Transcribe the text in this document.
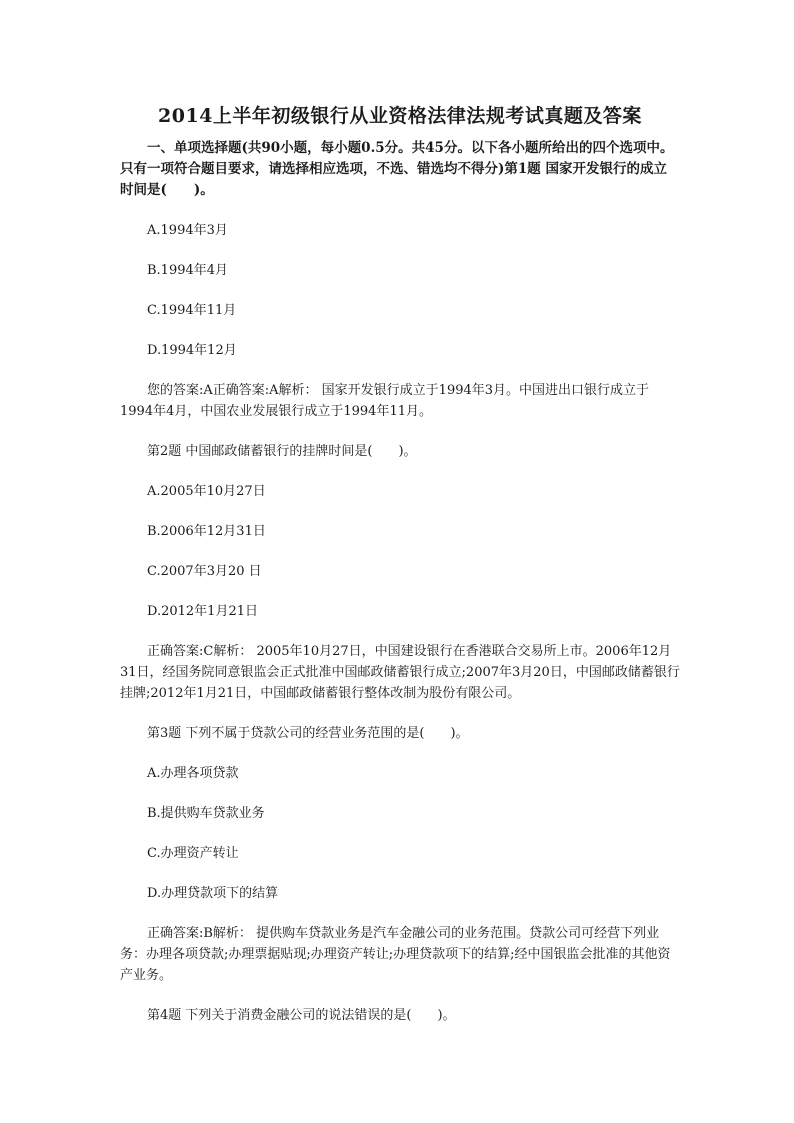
2014上半年初级银行从业资格法律法规考试真题及答案
一、单项选择题(共90小题，每小题0.5分。共45分。以下各小题所给出的四个选项中。只有一项符合题目要求，请选择相应选项，不选、错选均不得分)第1题 国家开发银行的成立时间是(　　)。
A.1994年3月
B.1994年4月
C.1994年11月
D.1994年12月
您的答案:A正确答案:A解析： 国家开发银行成立于1994年3月。中国进出口银行成立于1994年4月，中国农业发展银行成立于1994年11月。
第2题 中国邮政储蓄银行的挂牌时间是(　　)。
A.2005年10月27日
B.2006年12月31日
C.2007年3月20 日
D.2012年1月21日
正确答案:C解析： 2005年10月27日，中国建设银行在香港联合交易所上市。2006年12月31日，经国务院同意银监会正式批准中国邮政储蓄银行成立;2007年3月20日，中国邮政储蓄银行挂牌;2012年1月21日，中国邮政储蓄银行整体改制为股份有限公司。
第3题 下列不属于贷款公司的经营业务范围的是(　　)。
A.办理各项贷款
B.提供购车贷款业务
C.办理资产转让
D.办理贷款项下的结算
正确答案:B解析： 提供购车贷款业务是汽车金融公司的业务范围。贷款公司可经营下列业务：办理各项贷款;办理票据贴现;办理资产转让;办理贷款项下的结算;经中国银监会批准的其他资产业务。
第4题 下列关于消费金融公司的说法错误的是(　　)。
